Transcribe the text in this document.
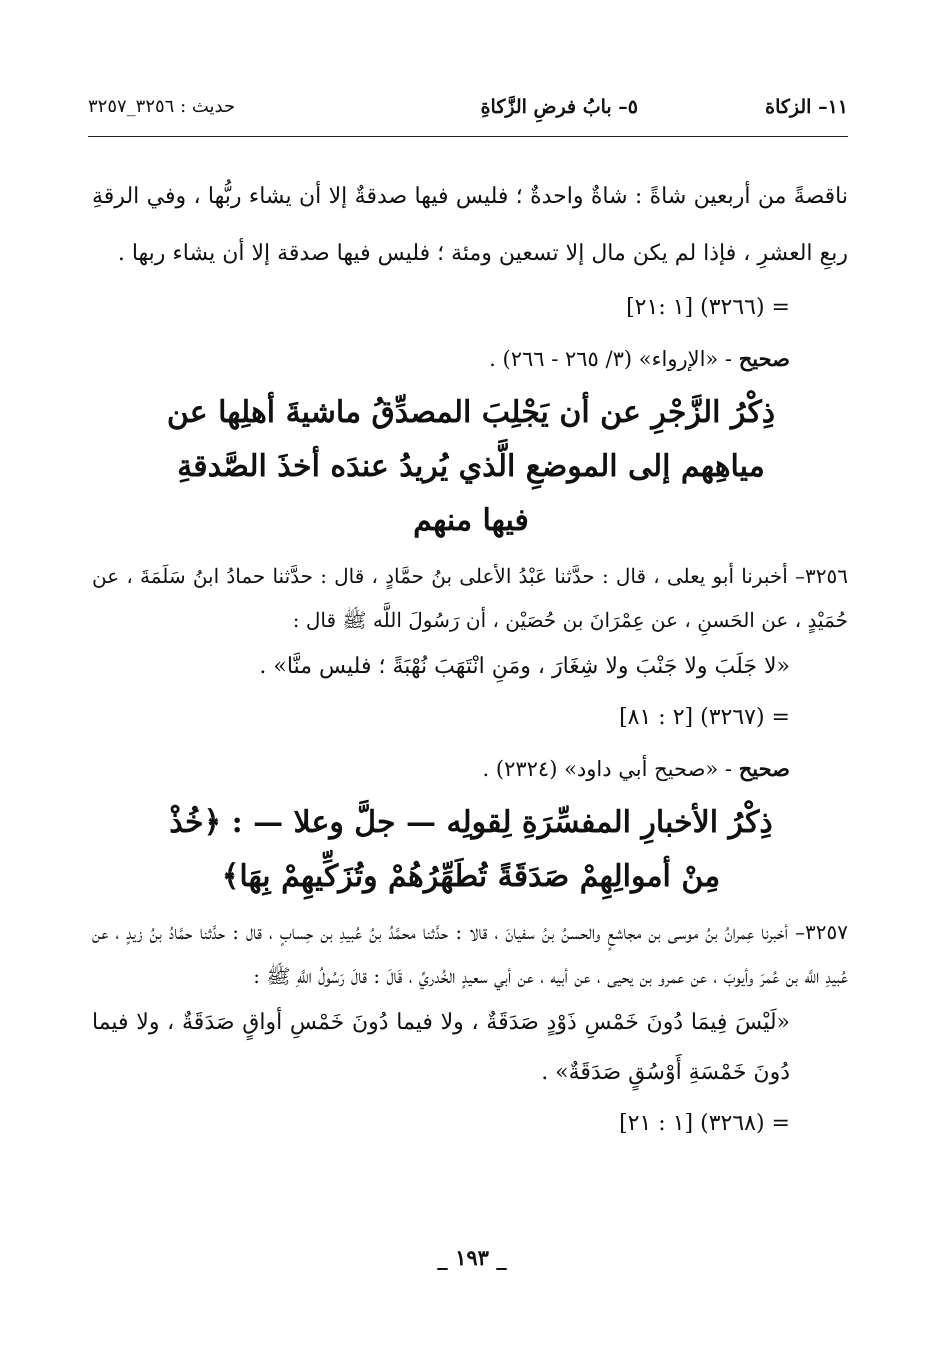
١١– الزكاة
٥– بابُ فرضِ الزَّكاةِ
حديث : ٣٢٥٦_٣٢٥٧

ناقصةً من أربعين شاةً : شاةٌ واحدةٌ ؛ فليس فيها صدقةٌ إلا أن يشاء ربُّها ، وفي الرقةِ ربعِ العشرِ ، فإذا لم يكن مال إلا تسعين ومئة ؛ فليس فيها صدقة إلا أن يشاء ربها .

= (٣٢٦٦) [١ :٢١]

صحيح - «الإرواء» (٣/ ٢٦٥ - ٢٦٦) .

ذِكْرُ الزَّجْرِ عن أن يَجْلِبَ المصدِّقُ ماشيةَ أهلِها عن مياهِهم إلى الموضعِ الَّذي يُريدُ عندَه أخذَ الصَّدقةِ فيها منهم

٣٢٥٦– أخبرنا أبو يعلى ، قال : حدَّثنا عَبْدُ الأعلى بنُ حمَّادٍ ، قال : حدَّثنا حمادُ ابنُ سَلَمَةَ ، عن حُمَيْدٍ ، عن الحَسنِ ، عن عِمْرَانَ بن حُصَيْن ، أن رَسُولَ اللَّه ﷺ قال :

«لا جَلَبَ ولا جَنْبَ ولا شِغَارَ ، ومَنِ انْتَهَبَ نُهْبَةً ؛ فليس منَّا» .

= (٣٢٦٧) [٢ : ٨١]

صحيح - «صحيح أبي داود» (٢٣٢٤) .

ذِكْرُ الأخبارِ المفسِّرَةِ لِقولِه — جلَّ وعلا — : ﴿خُذْ مِنْ أموالِهِمْ صَدَقَةً تُطَهِّرُهُمْ وتُزَكِّيهِمْ بِهَا﴾

٣٢٥٧– أخبرنا عِمرانُ بنُ موسى بن مجاشعٍ والحسنُ بنُ سفيانَ ، قالا : حدَّثنا محمَّدُ بنُ عُبيدِ بن حِسابٍ ، قال : حدَّثنا حمَّادُ بنُ زيدٍ ، عن عُبيدِ اللَّه بن عُمرَ وأيوبَ ، عن عمرو بن يحيى ، عن أبيه ، عن أبي سعيدٍ الخُدريِّ ، قَالَ : قالَ رَسُولُ اللَّهِ ﷺ :

«لَيْسَ فِيمَا دُونَ خَمْسِ ذَوْدٍ صَدَقَةٌ ، ولا فيما دُونَ خَمْسِ أواقٍ صَدَقَةٌ ، ولا فيما دُونَ خَمْسَةِ أَوْسُقٍ صَدَقَةٌ» .

= (٣٢٦٨) [١ : ٢١]

_ ١٩٣ _
